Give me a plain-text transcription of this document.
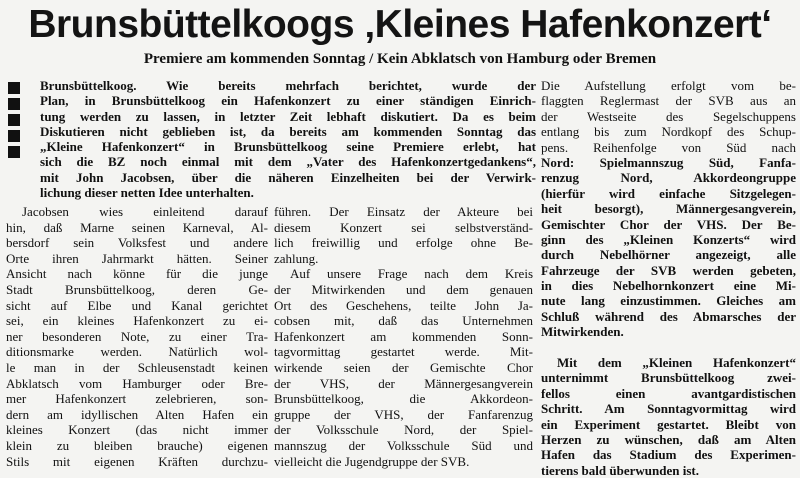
Brunsbüttelkoogs ‚Kleines Hafenkonzert‘
Premiere am kommenden Sonntag / Kein Abklatsch von Hamburg oder Bremen
Brunsbüttelkoog. Wie bereits mehrfach berichtet, wurde der
Plan, in Brunsbüttelkoog ein Hafenkonzert zu einer ständigen Einrich-
tung werden zu lassen, in letzter Zeit lebhaft diskutiert. Da es beim
Diskutieren nicht geblieben ist, da bereits am kommenden Sonntag das
„Kleine Hafenkonzert“ in Brunsbüttelkoog seine Premiere erlebt, hat
sich die BZ noch einmal mit dem „Vater des Hafenkonzertgedankens“,
mit John Jacobsen, über die näheren Einzelheiten bei der Verwirk-
lichung dieser netten Idee unterhalten.
Jacobsen wies einleitend darauf
hin, daß Marne seinen Karneval, Al-
bersdorf sein Volksfest und andere
Orte ihren Jahrmarkt hätten. Seiner
Ansicht nach könne für die junge
Stadt Brunsbüttelkoog, deren Ge-
sicht auf Elbe und Kanal gerichtet
sei, ein kleines Hafenkonzert zu ei-
ner besonderen Note, zu einer Tra-
ditionsmarke werden. Natürlich wol-
le man in der Schleusenstadt keinen
Abklatsch vom Hamburger oder Bre-
mer Hafenkonzert zelebrieren, son-
dern am idyllischen Alten Hafen ein
kleines Konzert (das nicht immer
klein zu bleiben brauche) eigenen
Stils mit eigenen Kräften durchzu-
führen. Der Einsatz der Akteure bei
diesem Konzert sei selbstverständ-
lich freiwillig und erfolge ohne Be-
zahlung.
Auf unsere Frage nach dem Kreis
der Mitwirkenden und dem genauen
Ort des Geschehens, teilte John Ja-
cobsen mit, daß das Unternehmen
Hafenkonzert am kommenden Sonn-
tagvormittag gestartet werde. Mit-
wirkende seien der Gemischte Chor
der VHS, der Männergesangverein
Brunsbüttelkoog, die Akkordeon-
gruppe der VHS, der Fanfarenzug
der Volksschule Nord, der Spiel-
mannszug der Volksschule Süd und
vielleicht die Jugendgruppe der SVB.
Die Aufstellung erfolgt vom be-
flaggten Reglermast der SVB aus an
der Westseite des Segelschuppens
entlang bis zum Nordkopf des Schup-
pens. Reihenfolge von Süd nach
Nord: Spielmannszug Süd, Fanfa-
renzug Nord, Akkordeongruppe
(hierfür wird einfache Sitzgelegen-
heit besorgt), Männergesangverein,
Gemischter Chor der VHS. Der Be-
ginn des „Kleinen Konzerts“ wird
durch Nebelhörner angezeigt, alle
Fahrzeuge der SVB werden gebeten,
in dies Nebelhornkonzert eine Mi-
nute lang einzustimmen. Gleiches am
Schluß während des Abmarsches der
Mitwirkenden.
Mit dem „Kleinen Hafenkonzert“
unternimmt Brunsbüttelkoog zwei-
fellos einen avantgardistischen
Schritt. Am Sonntagvormittag wird
ein Experiment gestartet. Bleibt von
Herzen zu wünschen, daß am Alten
Hafen das Stadium des Experimen-
tierens bald überwunden ist.
